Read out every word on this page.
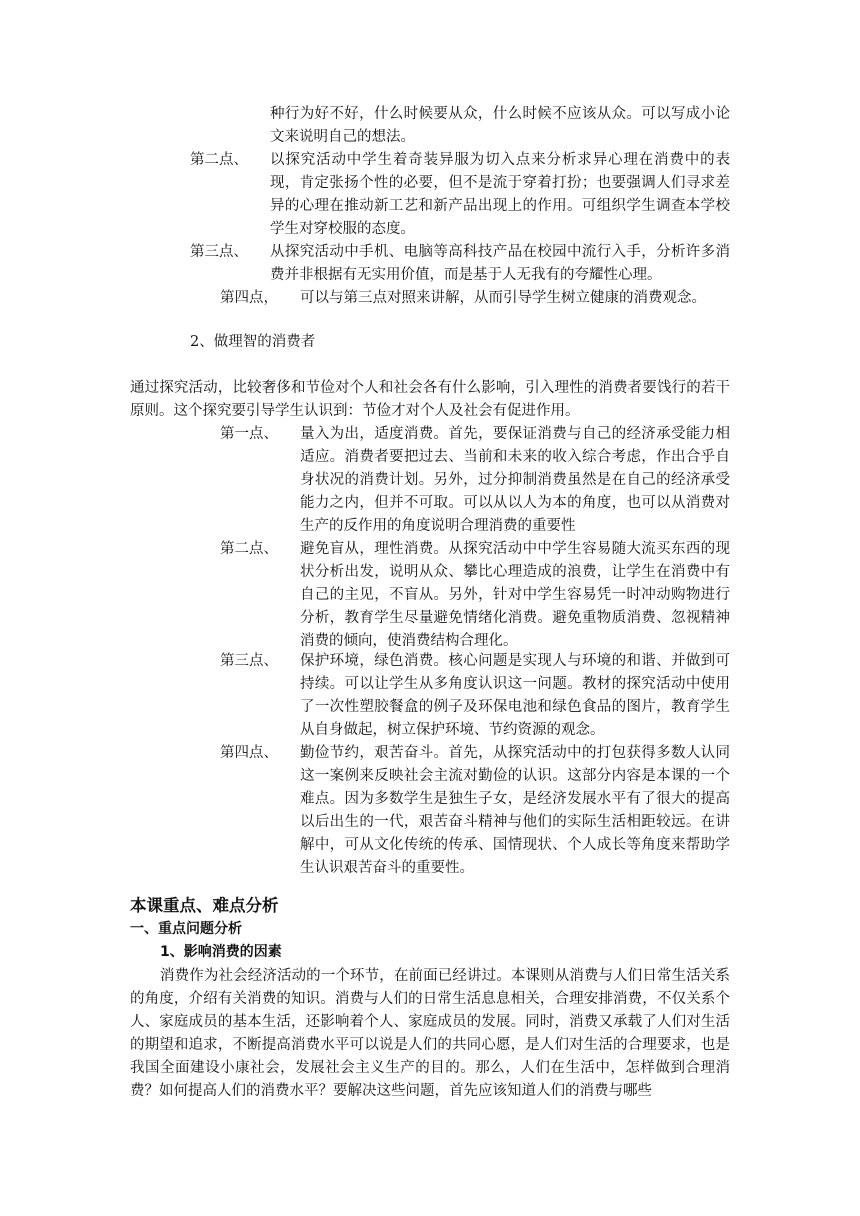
种行为好不好，什么时候要从众，什么时候不应该从众。可以写成小论文来说明自己的想法。

第二点、	以探究活动中学生着奇装异服为切入点来分析求异心理在消费中的表现，肯定张扬个性的必要，但不是流于穿着打扮；也要强调人们寻求差异的心理在推动新工艺和新产品出现上的作用。可组织学生调查本学校学生对穿校服的态度。
第三点、	从探究活动中手机、电脑等高科技产品在校园中流行入手，分析许多消费并非根据有无实用价值，而是基于人无我有的夸耀性心理。
第四点，	可以与第三点对照来讲解，从而引导学生树立健康的消费观念。
2、做理智的消费者

通过探究活动，比较奢侈和节俭对个人和社会各有什么影响，引入理性的消费者要饯行的若干原则。这个探究要引导学生认识到：节俭才对个人及社会有促进作用。

第一点、	量入为出，适度消费。首先，要保证消费与自己的经济承受能力相适应。消费者要把过去、当前和未来的收入综合考虑，作出合乎自身状况的消费计划。另外，过分抑制消费虽然是在自己的经济承受能力之内，但并不可取。可以从以人为本的角度，也可以从消费对生产的反作用的角度说明合理消费的重要性
第二点、	避免盲从，理性消费。从探究活动中中学生容易随大流买东西的现状分析出发，说明从众、攀比心理造成的浪费，让学生在消费中有自己的主见，不盲从。另外，针对中学生容易凭一时冲动购物进行分析，教育学生尽量避免情绪化消费。避免重物质消费、忽视精神消费的倾向，使消费结构合理化。
第三点、	保护环境，绿色消费。核心问题是实现人与环境的和谐、并做到可持续。可以让学生从多角度认识这一问题。教材的探究活动中使用了一次性塑胶餐盒的例子及环保电池和绿色食品的图片，教育学生从自身做起，树立保护环境、节约资源的观念。
第四点、	勤俭节约，艰苦奋斗。首先，从探究活动中的打包获得多数人认同这一案例来反映社会主流对勤俭的认识。这部分内容是本课的一个难点。因为多数学生是独生子女，是经济发展水平有了很大的提高以后出生的一代，艰苦奋斗精神与他们的实际生活相距较远。在讲解中，可从文化传统的传承、国情现状、个人成长等角度来帮助学生认识艰苦奋斗的重要性。
本课重点、难点分析
一、重点问题分析
1、影响消费的因素

消费作为社会经济活动的一个环节，在前面已经讲过。本课则从消费与人们日常生活关系的角度，介绍有关消费的知识。消费与人们的日常生活息息相关，合理安排消费，不仅关系个人、家庭成员的基本生活，还影响着个人、家庭成员的发展。同时，消费又承载了人们对生活的期望和追求，不断提高消费水平可以说是人们的共同心愿，是人们对生活的合理要求，也是我国全面建设小康社会，发展社会主义生产的目的。那么，人们在生活中，怎样做到合理消费？如何提高人们的消费水平？要解决这些问题，首先应该知道人们的消费与哪些
